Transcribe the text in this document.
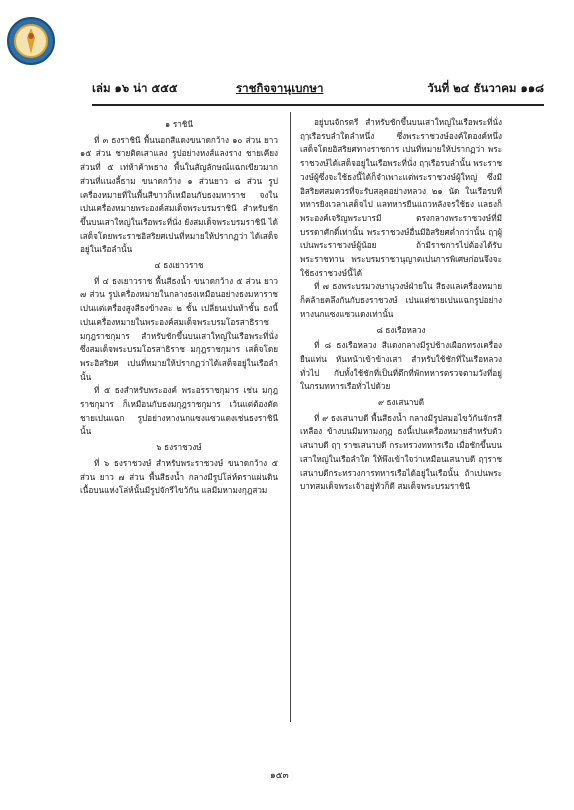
เล่ม ๑๖ น่า ๕๕๕	ราชกิจจานุเบกษา	วันที่ ๒๔ ธันวาคม ๑๑๘
๑ ราชินี

ที่ ๓ ธงราชินี พื้นนอกสีแดงขนาดกว้าง ๑๐ ส่วน ยาว ๑๕ ส่วน ชายติดเสาแลง รูปอย่างหงส์แลงราง ชายเคียงส่วนที่ ๕ เท่ห้าค้าพธาง พื้นในสัญลักษณ์แฉกเขียวมาก ส่วนที่แนงลี้ธาม ขนาดกว้าง ๑ ส่วนยาว ๘ ส่วน รูปเครื่องหมายที่ในพื้นสีขาวก็เหมือนกับธงมหาราช จงในเปนเครื่องหมายพระองค์สมเด็จพระบรมราชินี สำหรับชักขึ้นบนเสาใหญ่ในเรือพระที่นั่ง ยังสมเด็จพระบรมราชินี ได้เสด็จโดยพระราชอิสริยศเปนที่หมายให้ปรากฏว่า ได้เสด็จอยู่ในเรือลำนั้น

๔ ธงเยาวราช

ที่ ๔ ธงเยาวราช พื้นสีธงน้ำ ขนาดกว้าง ๕ ส่วน ยาว ๗ ส่วน รูปเครื่องหมายในกลางธงเหมือนอย่างธงมหาราชเปนแต่เครื่องสูงสีธงข้างละ ๒ ชั้น เปลี่ยนเปนห้าชั้น ธงนี้เปนเครื่องหมายในพระองค์สมเด็จพระบรมโอรสาธิราช มกุฎราชกุมาร สำหรับชักขึ้นบนเสาใหญ่ในเรือพระที่นั่ง ซึ่งสมเด็จพระบรมโอรสาธิราช มกุฎราชกุมาร เสด็จโดยพระอิสริยศ เปนที่หมายให้ปรากฏว่าได้เสด็จอยู่ในเรือลำนั้น

ที่ ๕ ธงสำหรับพระองค์ พระอรราชกุมาร เช่น มกุฎราชกุมาร ก็เหมือนกับธงมกุฎราชกุมาร เว้นแต่ต้องตัดชายเปนแฉก รูปอย่างหางนกแซงแซวแดงเช่นธงราชินีนั้น

๖ ธงราชวงษ์

ที่ ๖ ธงราชวงษ์ สำหรับพระราชวงษ์ ขนาดกว้าง ๕ ส่วน ยาว ๗ ส่วน พื้นสีธงน้ำ กลางมีรูปโล่ห์ตราแผ่นดิน เนื้อบนแห่งโล่ห์นั้นมีรูปจักรีไขว้กัน แลมีมหามงกุฎสวม

อยู่บนจักรตรี สำหรับชักขึ้นบนเสาใหญ่ในเรือพระที่นั่ง ฤๅเรือรบลำใดลำหนึ่ง ซึ่งพระราชวงษ์องค์ใดองค์หนึ่ง เสด็จโดยอิสริยศทางราชการ เปนที่หมายให้ปรากฏว่า พระราชวงษ์ได้เสด็จอยู่ในเรือพระที่นั่ง ฤๅเรือรบลำนั้น พระราชวงษ์ผู้ซึ่งจะใช้ธงนี้ได้ก็จำเพาะแต่พระราชวงษ์ผู้ใหญ่ ซึ่งมีอิสริยศสมควรที่จะรับสลุตอย่างหลวง ๒๑ นัด ในเรือรบที่ทหารยิงเวลาเสด็จไป แลทหารยืนแถวหลังจรใช้ธง แลธงก็พระองค์เจริญพระบารมี ตรงกลางพระราชวงษ์ที่มีบรรดาศักดิ์เท่านั้น พระราชวงษ์อื่นมีอิสริยศต่ำกว่านั้น ฤๅผู้เปนพระราชวงษ์ผู้น้อย ถ้ามีราชการไปต้องได้รับพระราชทาน พระบรมราชานุญาตเปนการพิเศษก่อนจึงจะใช้ธงราชวงษ์นี้ได้

ที่ ๗ ธงพระบรมวงษานุวงษ์ฝ่ายใน สีธงแลเครื่องหมายก็คล้ายคลึงกันกับธงราชวงษ์ เปนแต่ชายเปนแฉกรูปอย่างหางนกแซงแซวแดงเท่านั้น

๘ ธงเรือหลวง

ที่ ๘ ธงเรือหลวง สีแดงกลางมีรูปช้างเผือกทรงเครื่องยืนแท่น หันหน้าเข้าข้างเสา สำหรับใช้ชักที่ในเรือหลวงทั่วไป กับทั้งใช้ชักที่เป็นที่ตึกที่พักทหารตรวจตามวังที่อยู่ในกรมทหารเรือทั่วไปด้วย

๙ ธงเสนาบดี

ที่ ๙ ธงเสนาบดี พื้นสีธงน้ำ กลางมีรูปสมอไขว้กันจักรสีเหลือง ข้างบนมีมหามงกุฎ ธงนี้เปนเครื่องหมายสำหรับตัวเสนาบดี ฤๅ ราชเสนาบดี กระทรวงทหารเรือ เมื่อชักขึ้นบนเสาใหญ่ในเรือลำใด ให้พึงเข้าใจว่าเหมือนเสนาบดี ฤๅราชเสนาบดีกระทรวงการทหารเรือได้อยู่ในเรือนั้น ถ้าเปนพระบาทสมเด็จพระเจ้าอยู่หัวก็ดี สมเด็จพระบรมราชินี

๑๕๓
